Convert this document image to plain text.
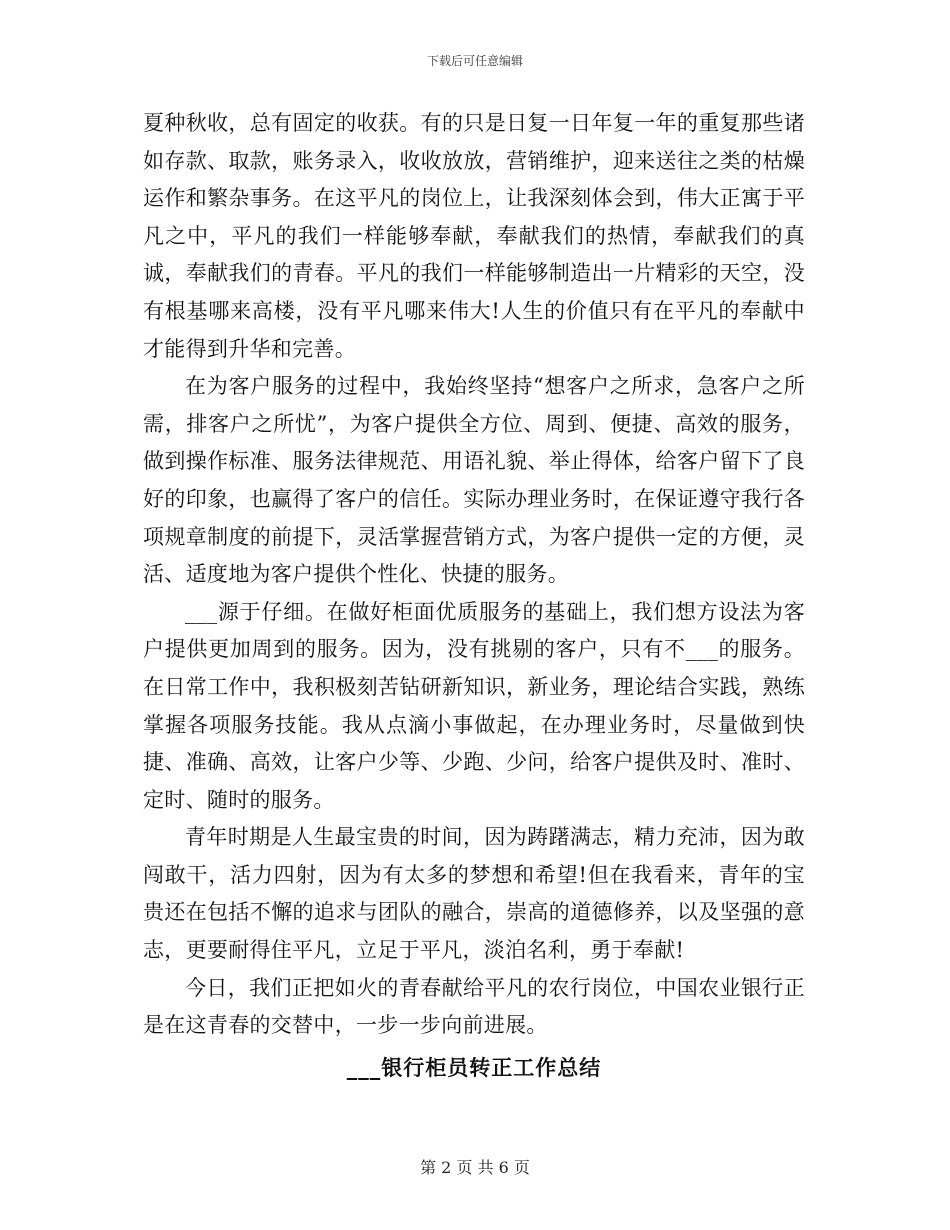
下载后可任意编辑

夏种秋收，总有固定的收获。有的只是日复一日年复一年的重复那些诸如存款、取款，账务录入，收收放放，营销维护，迎来送往之类的枯燥运作和繁杂事务。在这平凡的岗位上，让我深刻体会到，伟大正寓于平凡之中，平凡的我们一样能够奉献，奉献我们的热情，奉献我们的真诚，奉献我们的青春。平凡的我们一样能够制造出一片精彩的天空，没有根基哪来高楼，没有平凡哪来伟大!人生的价值只有在平凡的奉献中才能得到升华和完善。

在为客户服务的过程中，我始终坚持“想客户之所求，急客户之所需，排客户之所忧”，为客户提供全方位、周到、便捷、高效的服务，做到操作标准、服务法律规范、用语礼貌、举止得体，给客户留下了良好的印象，也赢得了客户的信任。实际办理业务时，在保证遵守我行各项规章制度的前提下，灵活掌握营销方式，为客户提供一定的方便，灵活、适度地为客户提供个性化、快捷的服务。

___源于仔细。在做好柜面优质服务的基础上，我们想方设法为客户提供更加周到的服务。因为，没有挑剔的客户，只有不___的服务。在日常工作中，我积极刻苦钻研新知识，新业务，理论结合实践，熟练掌握各项服务技能。我从点滴小事做起，在办理业务时，尽量做到快捷、准确、高效，让客户少等、少跑、少问，给客户提供及时、准时、定时、随时的服务。

青年时期是人生最宝贵的时间，因为踌躇满志，精力充沛，因为敢闯敢干，活力四射，因为有太多的梦想和希望!但在我看来，青年的宝贵还在包括不懈的追求与团队的融合，崇高的道德修养，以及坚强的意志，更要耐得住平凡，立足于平凡，淡泊名利，勇于奉献!

今日，我们正把如火的青春献给平凡的农行岗位，中国农业银行正是在这青春的交替中，一步一步向前进展。

___银行柜员转正工作总结
第 2 页 共 6 页
